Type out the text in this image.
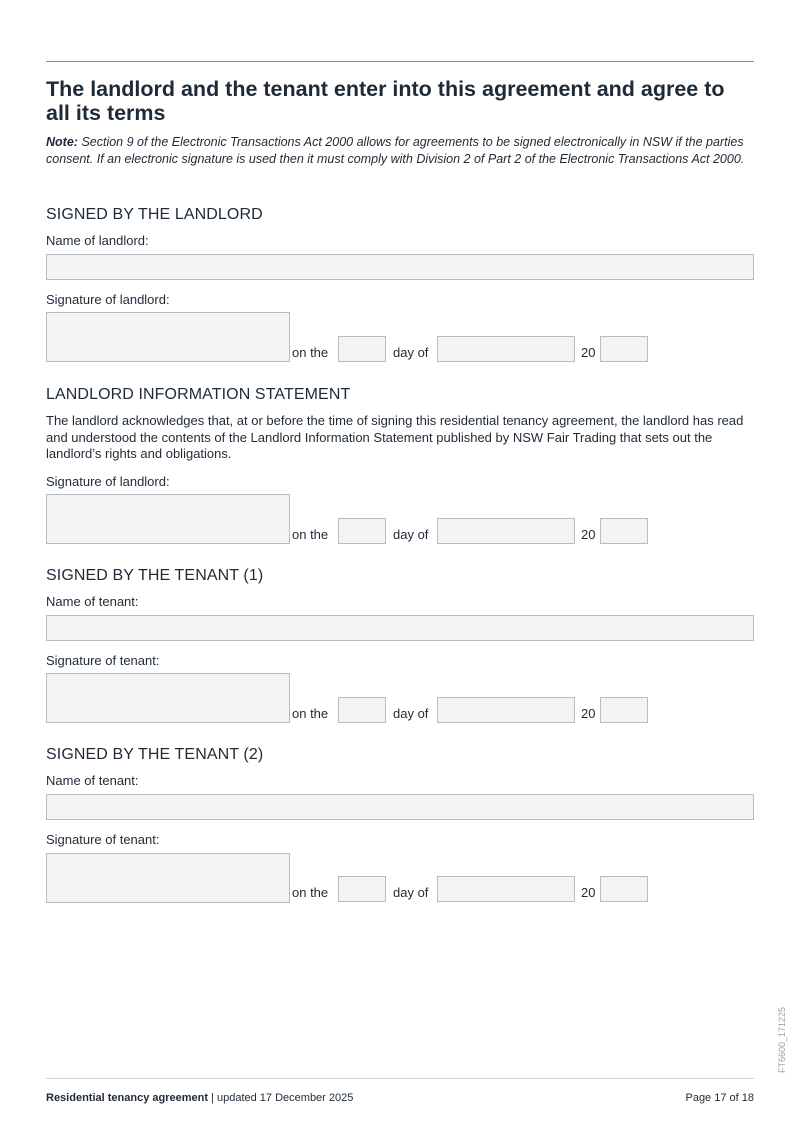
The landlord and the tenant enter into this agreement and agree to all its terms

Note: Section 9 of the Electronic Transactions Act 2000 allows for agreements to be signed electronically in NSW if the parties consent. If an electronic signature is used then it must comply with Division 2 of Part 2 of the Electronic Transactions Act 2000.

SIGNED BY THE LANDLORD
Name of landlord:
Signature of landlord:
on the	day of	20
LANDLORD INFORMATION STATEMENT

The landlord acknowledges that, at or before the time of signing this residential tenancy agreement, the landlord has read and understood the contents of the Landlord Information Statement published by NSW Fair Trading that sets out the landlord’s rights and obligations.

Signature of landlord:
on the	day of	20
SIGNED BY THE TENANT (1)
Name of tenant:
Signature of tenant:
on the	day of	20
SIGNED BY THE TENANT (2)
Name of tenant:
Signature of tenant:
on the	day of	20
FT6600_171225
Residential tenancy agreement | updated 17 December 2025	Page 17 of 18
